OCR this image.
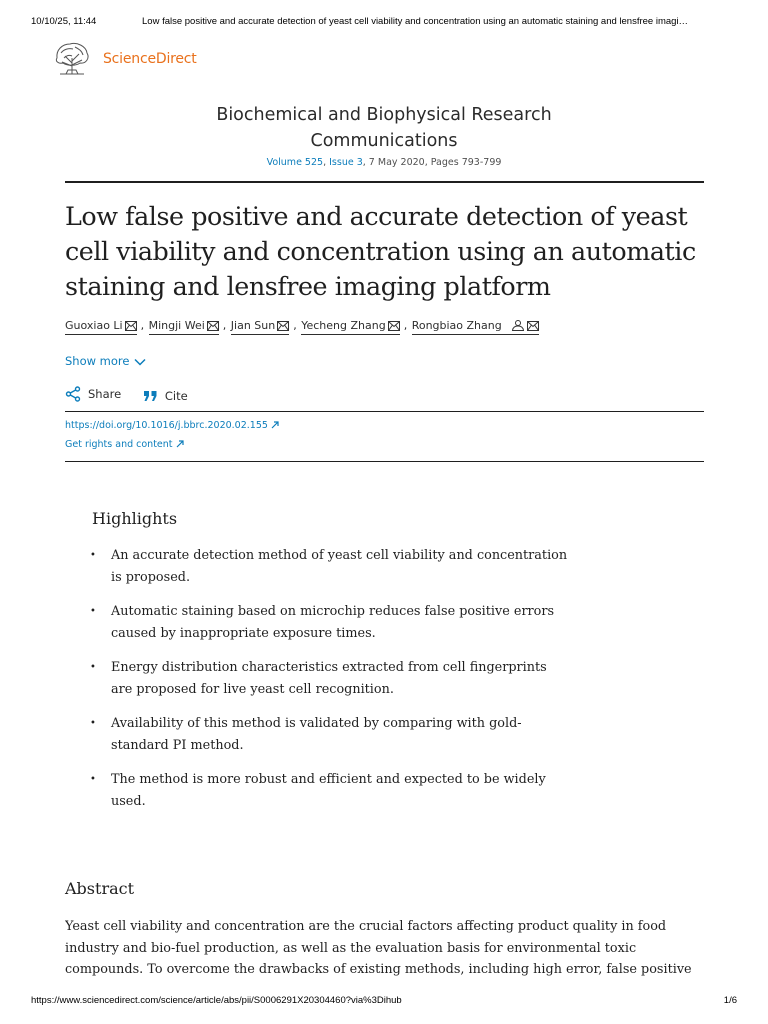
10/10/25, 11:44	Low false positive and accurate detection of yeast cell viability and concentration using an automatic staining and lensfree imagi…
ScienceDirect
Biochemical and Biophysical Research
Communications
Volume 525, Issue 3, 7 May 2020, Pages 793-799
Low false positive and accurate detection of yeast cell viability and concentration using an automatic staining and lensfree imaging platform
Guoxiao Li , Mingji Wei , Jian Sun , Yecheng Zhang , Rongbiao Zhang
Show more
Share
	Cite
https://doi.org/10.1016/j.bbrc.2020.02.155
Get rights and content
Highlights
• An accurate detection method of yeast cell viability and concentration is proposed.
• Automatic staining based on microchip reduces false positive errors caused by inappropriate exposure times.
• Energy distribution characteristics extracted from cell fingerprints are proposed for live yeast cell recognition.
• Availability of this method is validated by comparing with gold-standard PI method.
• The method is more robust and efficient and expected to be widely used.
Abstract

Yeast cell viability and concentration are the crucial factors affecting product quality in food industry and bio-fuel production, as well as the evaluation basis for environmental toxic compounds. To overcome the drawbacks of existing methods, including high error, false positive

https://www.sciencedirect.com/science/article/abs/pii/S0006291X20304460?via%3Dihub	1/6
